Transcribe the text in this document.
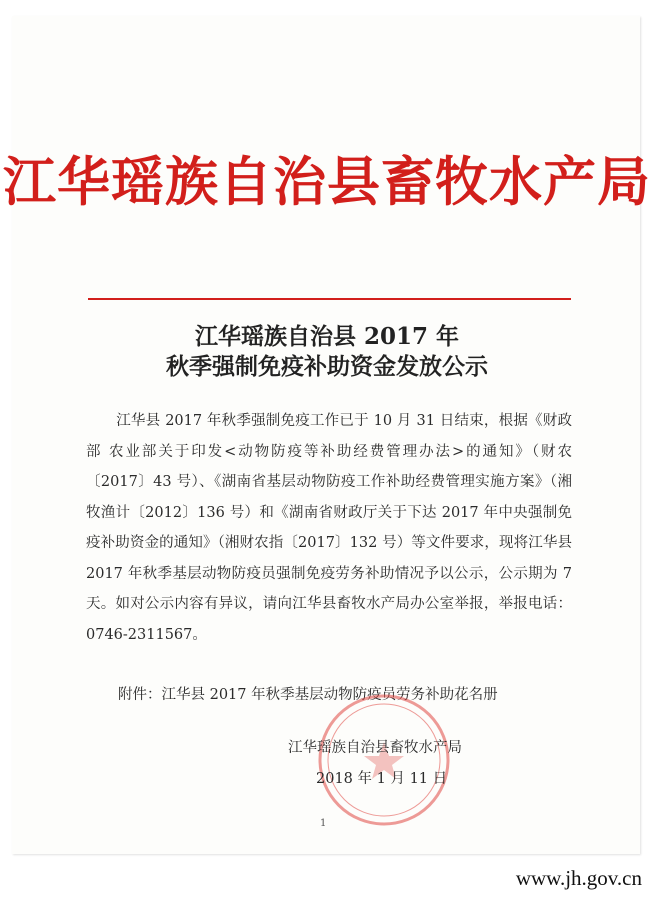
江华瑶族自治县畜牧水产局
江华瑶族自治县 2017 年
秋季强制免疫补助资金发放公示
江华县 2017 年秋季强制免疫工作已于 10 月 31 日结束，根据《财政部 农业部关于印发<动物防疫等补助经费管理办法>的通知》（财农〔2017〕43 号）、《湖南省基层动物防疫工作补助经费管理实施方案》（湘牧渔计〔2012〕136 号）和《湖南省财政厅关于下达 2017 年中央强制免疫补助资金的通知》（湘财农指〔2017〕132 号）等文件要求，现将江华县 2017 年秋季基层动物防疫员强制免疫劳务补助情况予以公示，公示期为 7 天。如对公示内容有异议，请向江华县畜牧水产局办公室举报，举报电话：0746-2311567。
附件：江华县 2017 年秋季基层动物防疫员劳务补助花名册
江华瑶族自治县畜牧水产局
2018 年 1 月 11 日
1
www.jh.gov.cn
